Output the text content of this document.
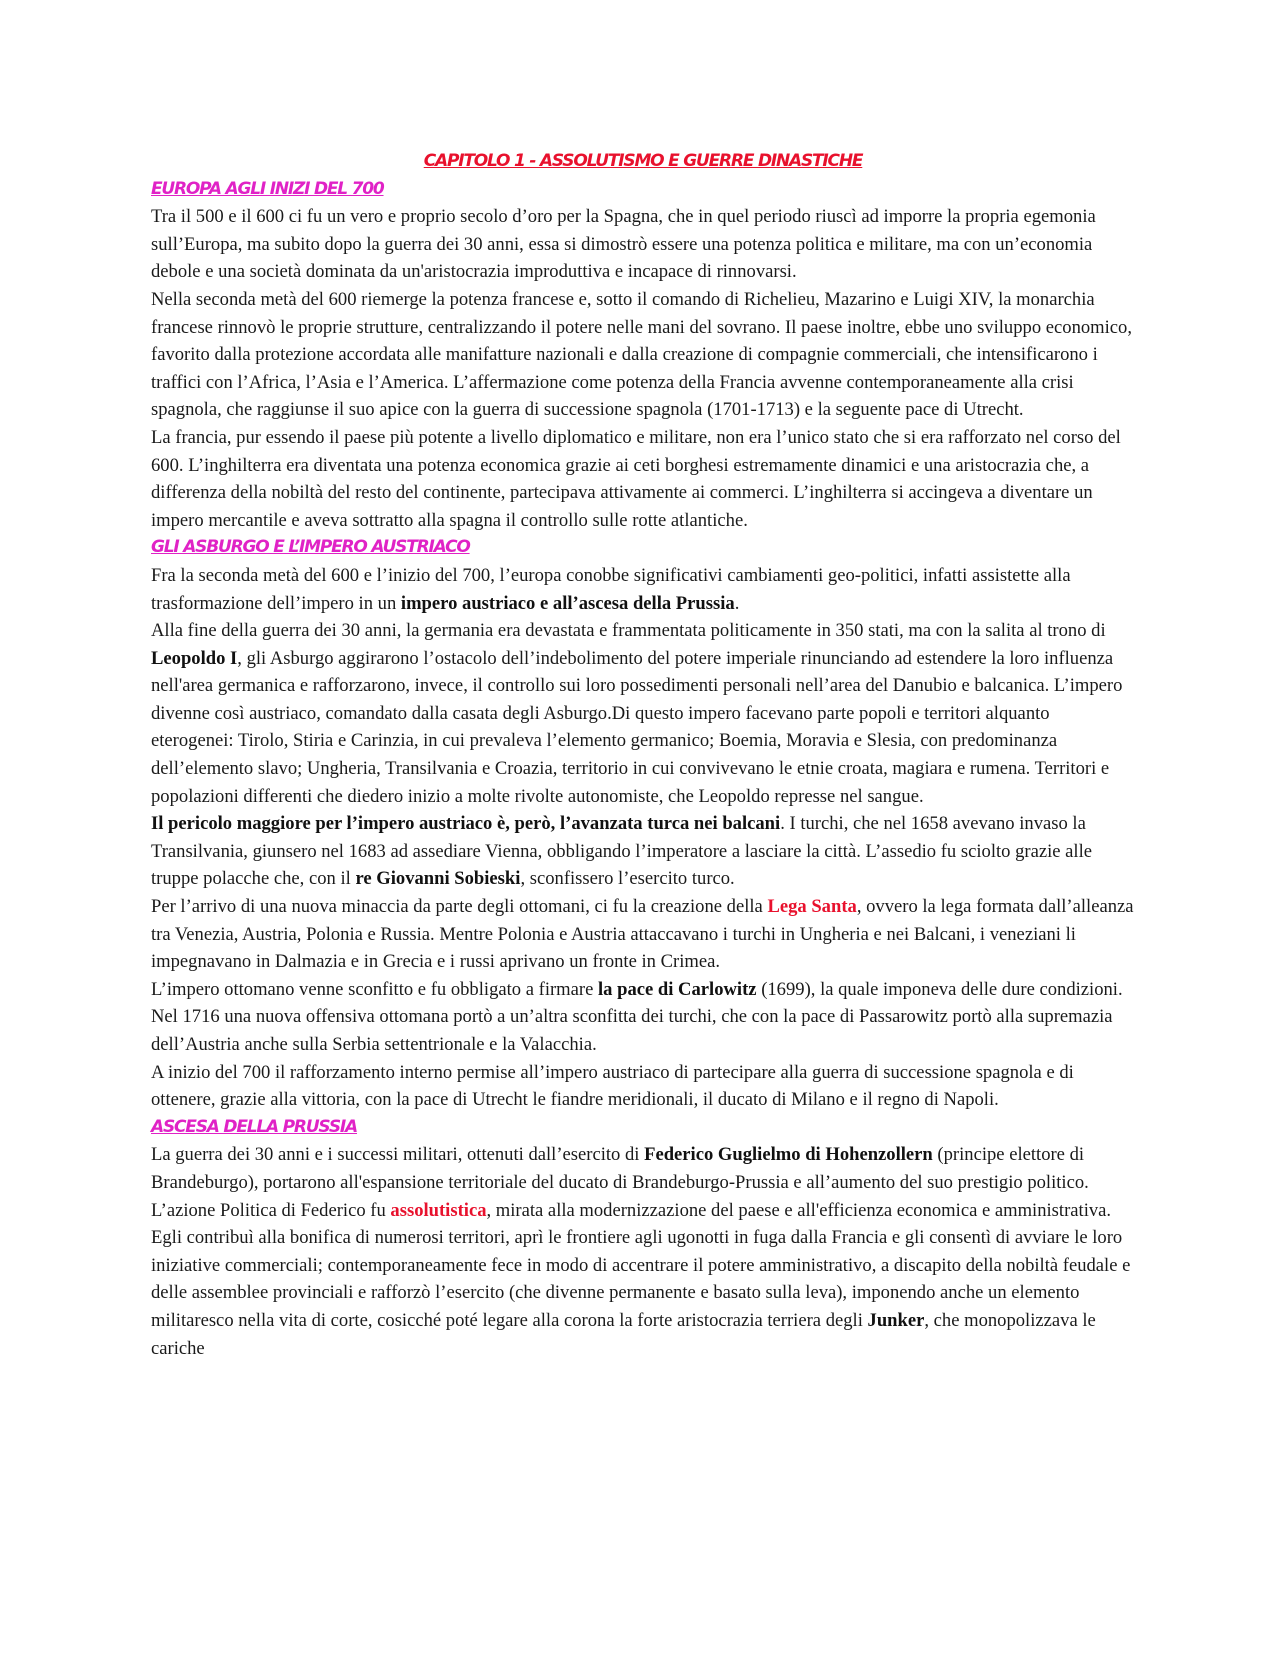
CAPITOLO 1 - ASSOLUTISMO E GUERRE DINASTICHE
EUROPA AGLI INIZI DEL 700

Tra il 500 e il 600 ci fu un vero e proprio secolo d’oro per la Spagna, che in quel periodo riuscì ad imporre la propria egemonia sull’Europa, ma subito dopo la guerra dei 30 anni, essa si dimostrò essere una potenza politica e militare, ma con un’economia debole e una società dominata da un'aristocrazia improduttiva e incapace di rinnovarsi.

Nella seconda metà del 600 riemerge la potenza francese e, sotto il comando di Richelieu, Mazarino e Luigi XIV, la monarchia francese rinnovò le proprie strutture, centralizzando il potere nelle mani del sovrano. Il paese inoltre, ebbe uno sviluppo economico, favorito dalla protezione accordata alle manifatture nazionali e dalla creazione di compagnie commerciali, che intensificarono i traffici con l’Africa, l’Asia e l’America. L’affermazione come potenza della Francia avvenne contemporaneamente alla crisi spagnola, che raggiunse il suo apice con la guerra di successione spagnola (1701-1713) e la seguente pace di Utrecht.

La francia, pur essendo il paese più potente a livello diplomatico e militare, non era l’unico stato che si era rafforzato nel corso del 600. L’inghilterra era diventata una potenza economica grazie ai ceti borghesi estremamente dinamici e una aristocrazia che, a differenza della nobiltà del resto del continente, partecipava attivamente ai commerci. L’inghilterra si accingeva a diventare un impero mercantile e aveva sottratto alla spagna il controllo sulle rotte atlantiche.

GLI ASBURGO E L’IMPERO AUSTRIACO

Fra la seconda metà del 600 e l’inizio del 700, l’europa conobbe significativi cambiamenti geo-politici, infatti assistette alla trasformazione dell’impero in un impero austriaco e all’ascesa della Prussia.

Alla fine della guerra dei 30 anni, la germania era devastata e frammentata politicamente in 350 stati, ma con la salita al trono di Leopoldo I, gli Asburgo aggirarono l’ostacolo dell’indebolimento del potere imperiale rinunciando ad estendere la loro influenza nell'area germanica e rafforzarono, invece, il controllo sui loro possedimenti personali nell’area del Danubio e balcanica. L’impero divenne così austriaco, comandato dalla casata degli Asburgo.Di questo impero facevano parte popoli e territori alquanto eterogenei: Tirolo, Stiria e Carinzia, in cui prevaleva l’elemento germanico; Boemia, Moravia e Slesia, con predominanza dell’elemento slavo; Ungheria, Transilvania e Croazia, territorio in cui convivevano le etnie croata, magiara e rumena. Territori e popolazioni differenti che diedero inizio a molte rivolte autonomiste, che Leopoldo represse nel sangue.

Il pericolo maggiore per l’impero austriaco è, però, l’avanzata turca nei balcani. I turchi, che nel 1658 avevano invaso la Transilvania, giunsero nel 1683 ad assediare Vienna, obbligando l’imperatore a lasciare la città. L’assedio fu sciolto grazie alle truppe polacche che, con il re Giovanni Sobieski, sconfissero l’esercito turco.

Per l’arrivo di una nuova minaccia da parte degli ottomani, ci fu la creazione della Lega Santa, ovvero la lega formata dall’alleanza tra Venezia, Austria, Polonia e Russia. Mentre Polonia e Austria attaccavano i turchi in Ungheria e nei Balcani, i veneziani li impegnavano in Dalmazia e in Grecia e i russi aprivano un fronte in Crimea.

L’impero ottomano venne sconfitto e fu obbligato a firmare la pace di Carlowitz (1699), la quale imponeva delle dure condizioni. Nel 1716 una nuova offensiva ottomana portò a un’altra sconfitta dei turchi, che con la pace di Passarowitz portò alla supremazia dell’Austria anche sulla Serbia settentrionale e la Valacchia.

A inizio del 700 il rafforzamento interno permise all’impero austriaco di partecipare alla guerra di successione spagnola e di ottenere, grazie alla vittoria, con la pace di Utrecht le fiandre meridionali, il ducato di Milano e il regno di Napoli.

ASCESA DELLA PRUSSIA

La guerra dei 30 anni e i successi militari, ottenuti dall’esercito di Federico Guglielmo di Hohenzollern (principe elettore di Brandeburgo), portarono all'espansione territoriale del ducato di Brandeburgo-Prussia e all’aumento del suo prestigio politico. L’azione Politica di Federico fu assolutistica, mirata alla modernizzazione del paese e all'efficienza economica e amministrativa. Egli contribuì alla bonifica di numerosi territori, aprì le frontiere agli ugonotti in fuga dalla Francia e gli consentì di avviare le loro iniziative commerciali; contemporaneamente fece in modo di accentrare il potere amministrativo, a discapito della nobiltà feudale e delle assemblee provinciali e rafforzò l’esercito (che divenne permanente e basato sulla leva), imponendo anche un elemento militaresco nella vita di corte, cosicché poté legare alla corona la forte aristocrazia terriera degli Junker, che monopolizzava le cariche
